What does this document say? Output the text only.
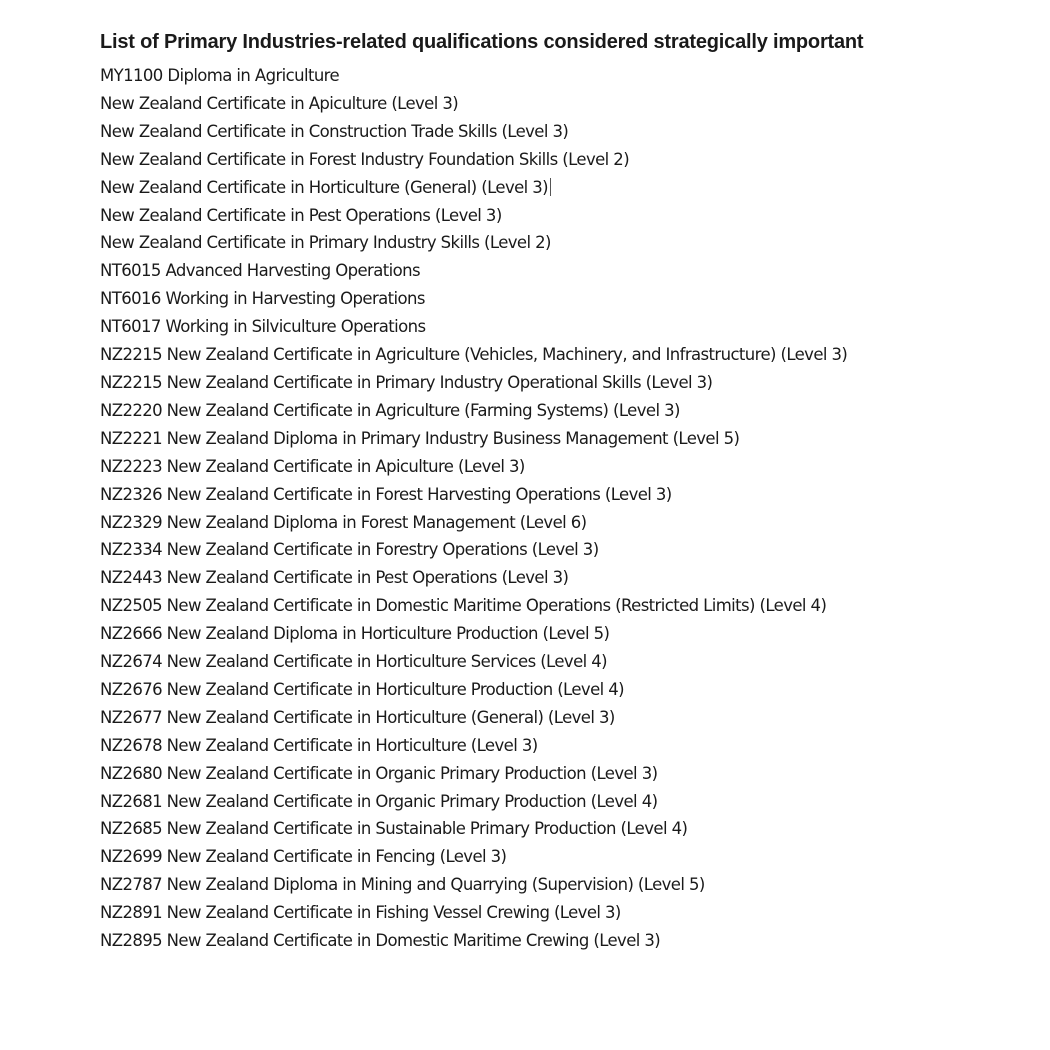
List of Primary Industries-related qualifications considered strategically important
MY1100 Diploma in Agriculture
New Zealand Certificate in Apiculture (Level 3)
New Zealand Certificate in Construction Trade Skills (Level 3)
New Zealand Certificate in Forest Industry Foundation Skills (Level 2)
New Zealand Certificate in Horticulture (General) (Level 3)
New Zealand Certificate in Pest Operations (Level 3)
New Zealand Certificate in Primary Industry Skills (Level 2)
NT6015 Advanced Harvesting Operations
NT6016 Working in Harvesting Operations
NT6017 Working in Silviculture Operations
NZ2215 New Zealand Certificate in Agriculture (Vehicles, Machinery, and Infrastructure) (Level 3)
NZ2215 New Zealand Certificate in Primary Industry Operational Skills (Level 3)
NZ2220 New Zealand Certificate in Agriculture (Farming Systems) (Level 3)
NZ2221 New Zealand Diploma in Primary Industry Business Management (Level 5)
NZ2223 New Zealand Certificate in Apiculture (Level 3)
NZ2326 New Zealand Certificate in Forest Harvesting Operations (Level 3)
NZ2329 New Zealand Diploma in Forest Management (Level 6)
NZ2334 New Zealand Certificate in Forestry Operations (Level 3)
NZ2443 New Zealand Certificate in Pest Operations (Level 3)
NZ2505 New Zealand Certificate in Domestic Maritime Operations (Restricted Limits) (Level 4)
NZ2666 New Zealand Diploma in Horticulture Production (Level 5)
NZ2674 New Zealand Certificate in Horticulture Services (Level 4)
NZ2676 New Zealand Certificate in Horticulture Production (Level 4)
NZ2677 New Zealand Certificate in Horticulture (General) (Level 3)
NZ2678 New Zealand Certificate in Horticulture (Level 3)
NZ2680 New Zealand Certificate in Organic Primary Production (Level 3)
NZ2681 New Zealand Certificate in Organic Primary Production (Level 4)
NZ2685 New Zealand Certificate in Sustainable Primary Production (Level 4)
NZ2699 New Zealand Certificate in Fencing (Level 3)
NZ2787 New Zealand Diploma in Mining and Quarrying (Supervision) (Level 5)
NZ2891 New Zealand Certificate in Fishing Vessel Crewing (Level 3)
NZ2895 New Zealand Certificate in Domestic Maritime Crewing (Level 3)
